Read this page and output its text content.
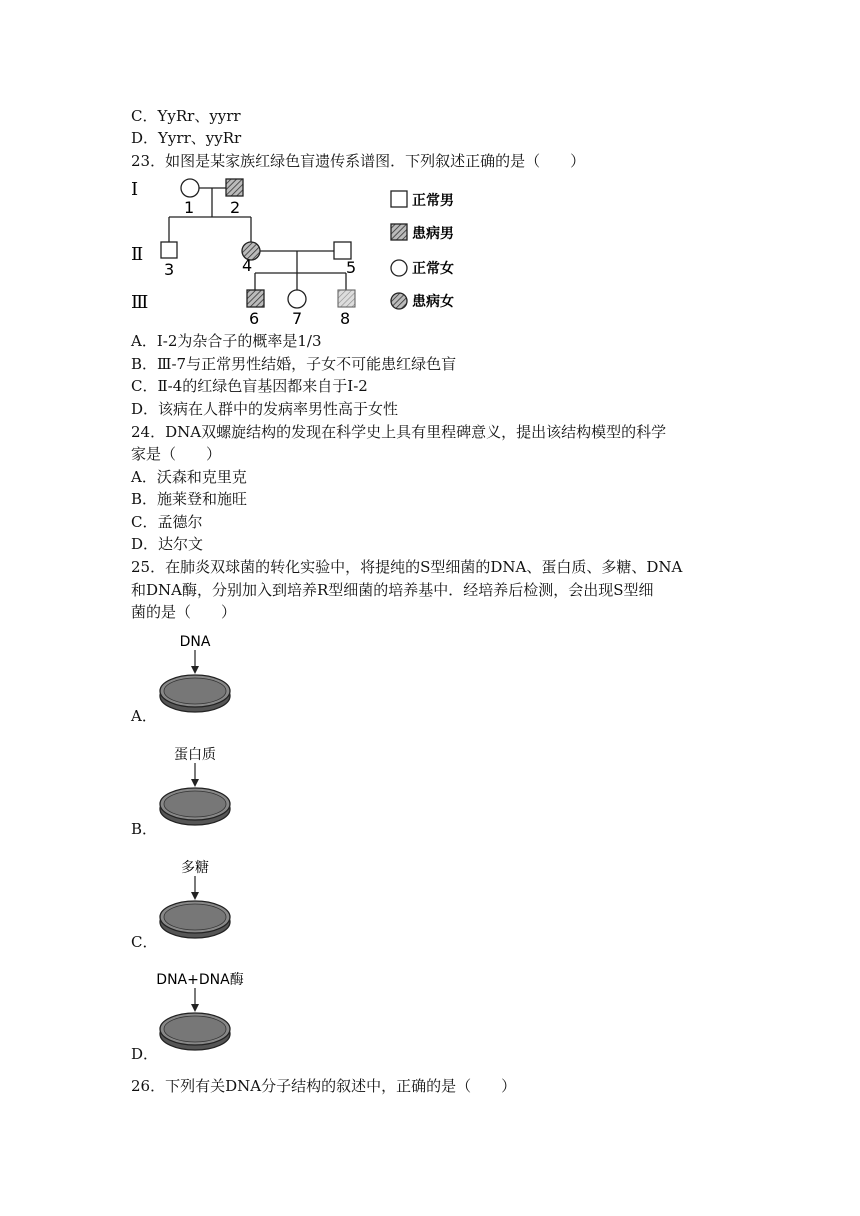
C．YyRr、yyrr
D．Yyrr、yyRr
23．如图是某家族红绿色盲遗传系谱图．下列叙述正确的是（　　）
Ⅰ
Ⅱ
Ⅲ
1 2
3	4	5
6 7 8
正常男
患病男
正常女
患病女
A．Ⅰ-2为杂合子的概率是1/3
B．Ⅲ-7与正常男性结婚，子女不可能患红绿色盲
C．Ⅱ-4的红绿色盲基因都来自于Ⅰ-2
D．该病在人群中的发病率男性高于女性
24．DNA双螺旋结构的发现在科学史上具有里程碑意义，提出该结构模型的科学
家是（　　）
A．沃森和克里克
B．施莱登和施旺
C．孟德尔
D．达尔文
25．在肺炎双球菌的转化实验中，将提纯的S型细菌的DNA、蛋白质、多糖、DNA
和DNA酶，分别加入到培养R型细菌的培养基中．经培养后检测，会出现S型细
菌的是（　　）
DNA
A．
蛋白质
B．
多糖
C．
DNA+DNA酶
D．
26．下列有关DNA分子结构的叙述中，正确的是（　　）
